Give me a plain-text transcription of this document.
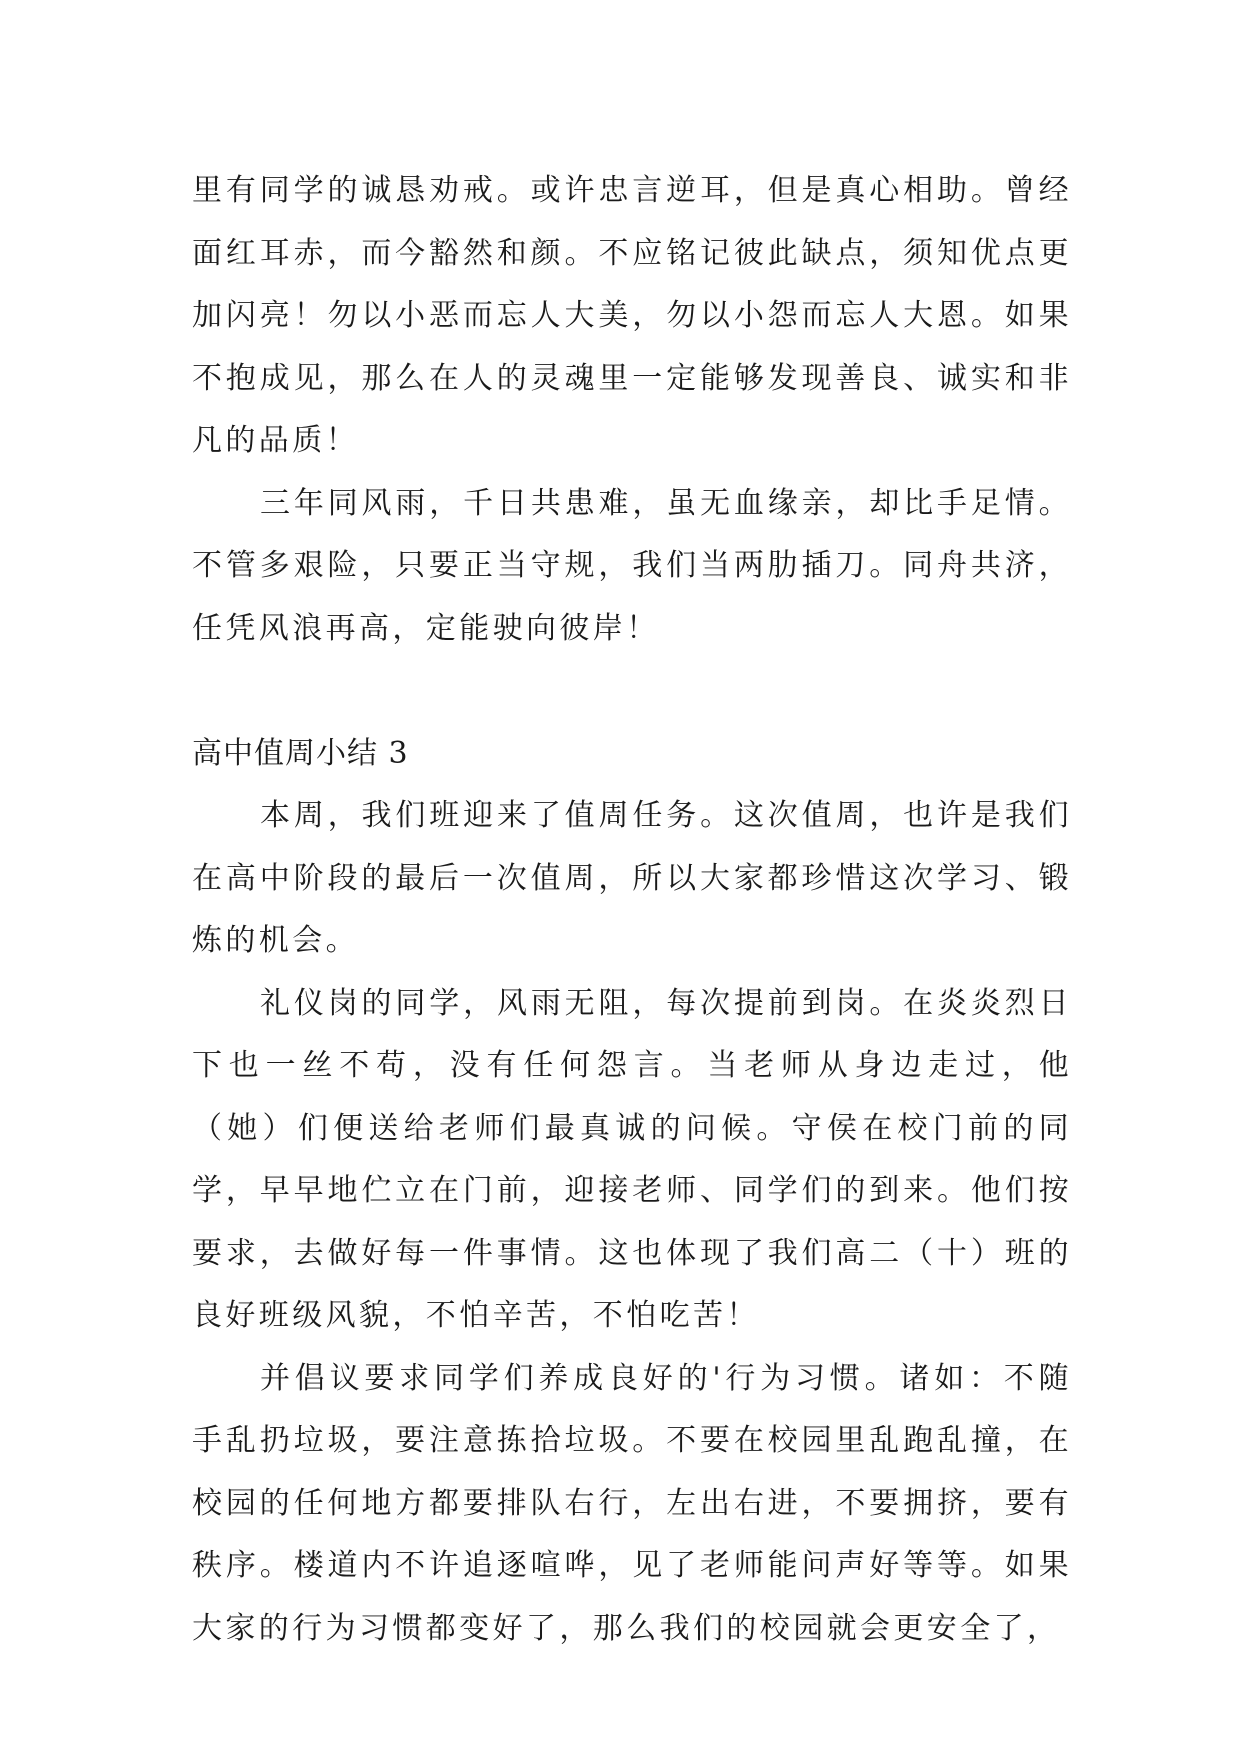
里有同学的诚恳劝戒。或许忠言逆耳，但是真心相助。曾经面红耳赤，而今豁然和颜。不应铭记彼此缺点，须知优点更加闪亮！勿以小恶而忘人大美，勿以小怨而忘人大恩。如果不抱成见，那么在人的灵魂里一定能够发现善良、诚实和非凡的品质！

三年同风雨，千日共患难，虽无血缘亲，却比手足情。不管多艰险，只要正当守规，我们当两肋插刀。同舟共济，任凭风浪再高，定能驶向彼岸！

高中值周小结 3

本周，我们班迎来了值周任务。这次值周，也许是我们在高中阶段的最后一次值周，所以大家都珍惜这次学习、锻炼的机会。

礼仪岗的同学，风雨无阻，每次提前到岗。在炎炎烈日下也一丝不苟，没有任何怨言。当老师从身边走过，他（她）们便送给老师们最真诚的问候。守侯在校门前的同学，早早地伫立在门前，迎接老师、同学们的到来。他们按要求，去做好每一件事情。这也体现了我们高二（十）班的良好班级风貌，不怕辛苦，不怕吃苦！

并倡议要求同学们养成良好的'行为习惯。诸如：不随手乱扔垃圾，要注意拣拾垃圾。不要在校园里乱跑乱撞，在校园的任何地方都要排队右行，左出右进，不要拥挤，要有秩序。楼道内不许追逐喧哗，见了老师能问声好等等。如果大家的行为习惯都变好了，那么我们的校园就会更安全了，
